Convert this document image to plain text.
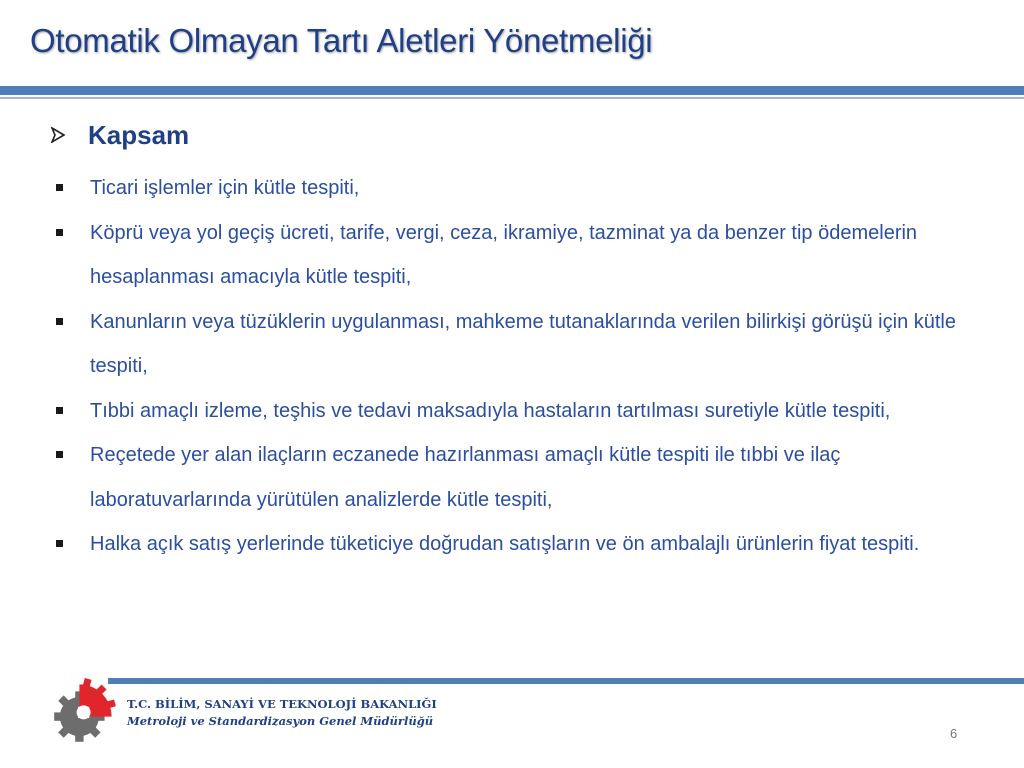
Otomatik Olmayan Tartı Aletleri Yönetmeliği
Kapsam
Ticari işlemler için kütle tespiti,
Köprü veya yol geçiş ücreti, tarife, vergi, ceza, ikramiye, tazminat ya da benzer tip ödemelerin hesaplanması amacıyla kütle tespiti,
Kanunların veya tüzüklerin uygulanması, mahkeme tutanaklarında verilen bilirkişi görüşü için kütle tespiti,
Tıbbi amaçlı izleme, teşhis ve tedavi maksadıyla hastaların tartılması suretiyle kütle tespiti,
Reçetede yer alan ilaçların eczanede hazırlanması amaçlı kütle tespiti ile tıbbi ve ilaç laboratuvarlarında yürütülen analizlerde kütle tespiti,
Halka açık satış yerlerinde tüketiciye doğrudan satışların ve ön ambalajlı ürünlerin fiyat tespiti.
T.C. BİLİM, SANAYİ VE TEKNOLOJİ BAKANLIĞI
Metroloji ve Standardizasyon Genel Müdürlüğü
6
